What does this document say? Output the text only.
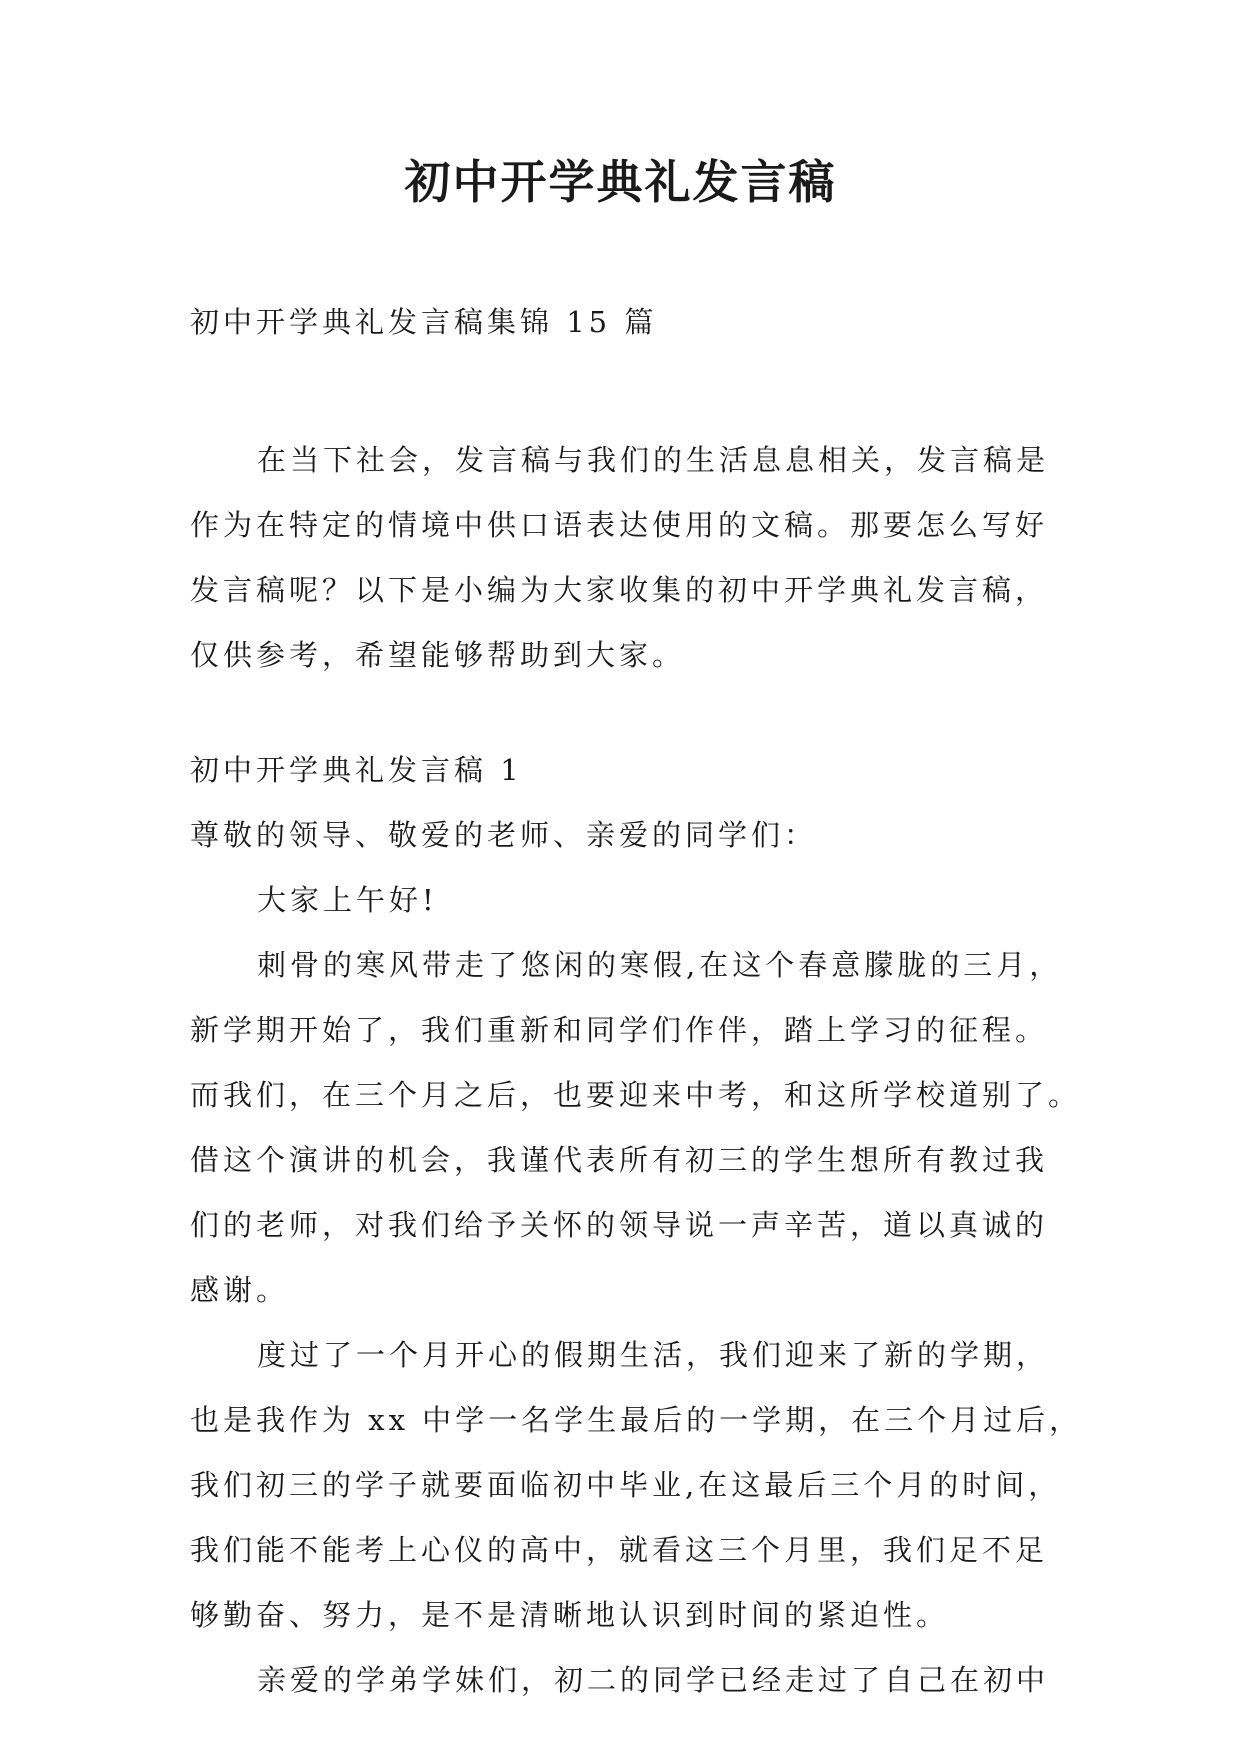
初中开学典礼发言稿

初中开学典礼发言稿集锦 15 篇

在当下社会，发言稿与我们的生活息息相关，发言稿是

作为在特定的情境中供口语表达使用的文稿。那要怎么写好

发言稿呢？以下是小编为大家收集的初中开学典礼发言稿，

仅供参考，希望能够帮助到大家。

初中开学典礼发言稿 1

尊敬的领导、敬爱的老师、亲爱的同学们：

大家上午好!

刺骨的寒风带走了悠闲的寒假,在这个春意朦胧的三月，

新学期开始了，我们重新和同学们作伴，踏上学习的征程。

而我们，在三个月之后，也要迎来中考，和这所学校道别了。

借这个演讲的机会，我谨代表所有初三的学生想所有教过我

们的老师，对我们给予关怀的领导说一声辛苦，道以真诚的

感谢。

度过了一个月开心的假期生活，我们迎来了新的学期，

也是我作为 xx 中学一名学生最后的一学期，在三个月过后，

我们初三的学子就要面临初中毕业,在这最后三个月的时间，

我们能不能考上心仪的高中，就看这三个月里，我们足不足

够勤奋、努力，是不是清晰地认识到时间的紧迫性。

亲爱的学弟学妹们，初二的同学已经走过了自己在初中
